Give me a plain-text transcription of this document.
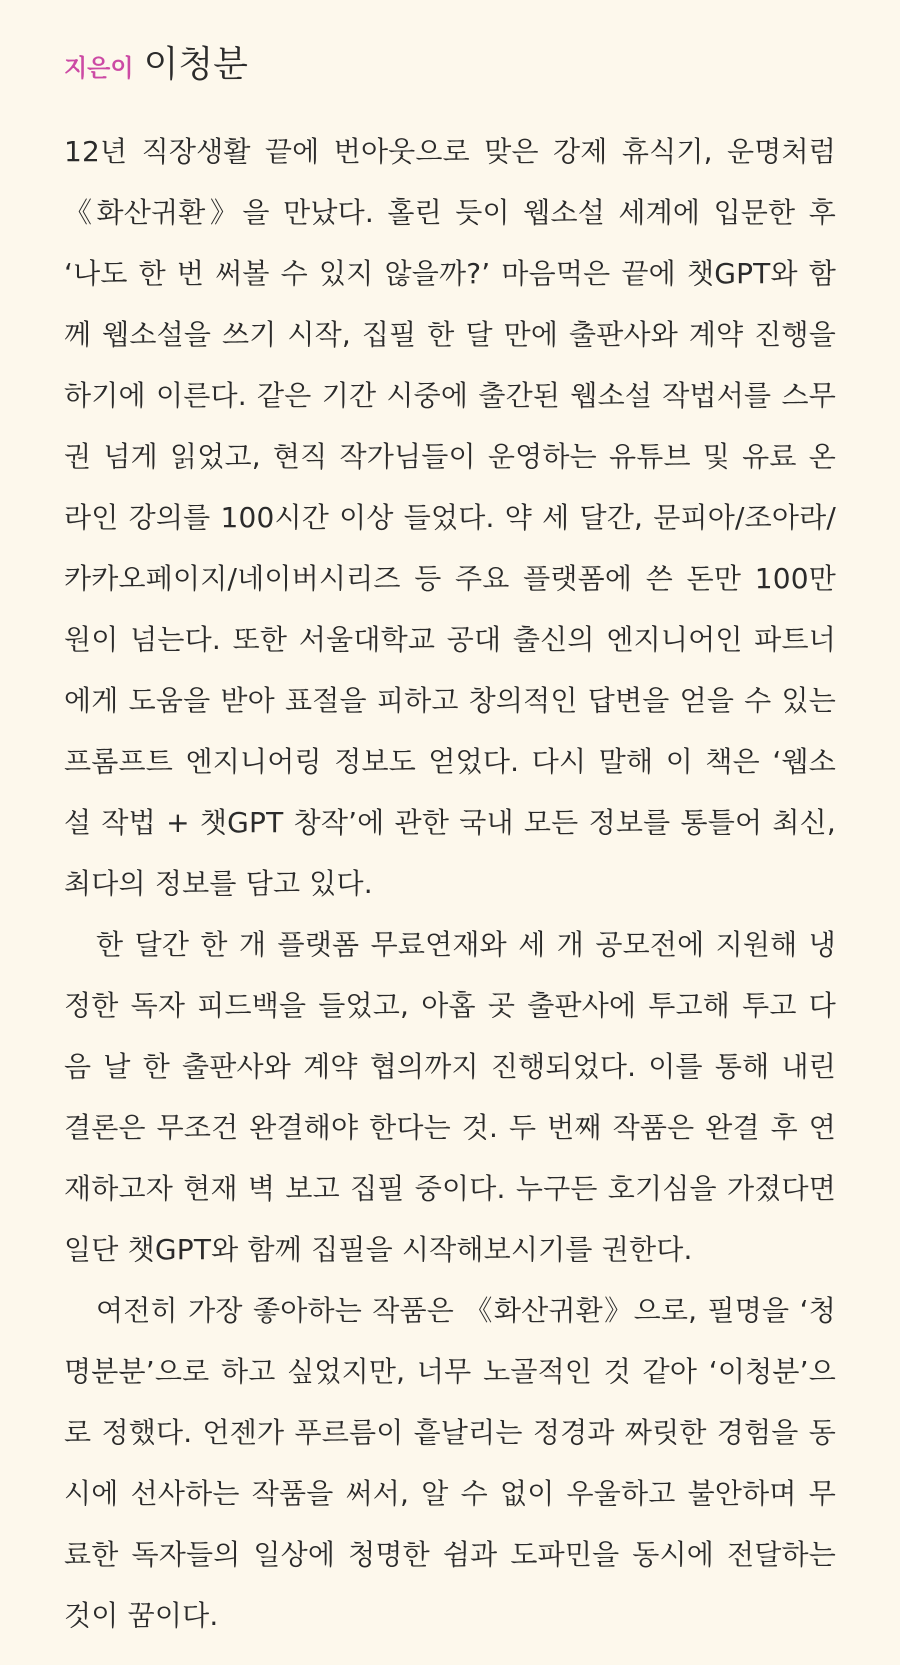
지은이 이청분

12년 직장생활 끝에 번아웃으로 맞은 강제 휴식기, 운명처럼 《화산귀환》을 만났다. 홀린 듯이 웹소설 세계에 입문한 후 ‘나도 한 번 써볼 수 있지 않을까?’ 마음먹은 끝에 챗GPT와 함께 웹소설을 쓰기 시작, 집필 한 달 만에 출판사와 계약 진행을 하기에 이른다. 같은 기간 시중에 출간된 웹소설 작법서를 스무 권 넘게 읽었고, 현직 작가님들이 운영하는 유튜브 및 유료 온라인 강의를 100시간 이상 들었다. 약 세 달간, 문피아/조아라/카카오페이지/네이버시리즈 등 주요 플랫폼에 쓴 돈만 100만 원이 넘는다. 또한 서울대학교 공대 출신의 엔지니어인 파트너에게 도움을 받아 표절을 피하고 창의적인 답변을 얻을 수 있는 프롬프트 엔지니어링 정보도 얻었다. 다시 말해 이 책은 ‘웹소설 작법 + 챗GPT 창작’에 관한 국내 모든 정보를 통틀어 최신, 최다의 정보를 담고 있다.

한 달간 한 개 플랫폼 무료연재와 세 개 공모전에 지원해 냉정한 독자 피드백을 들었고, 아홉 곳 출판사에 투고해 투고 다음 날 한 출판사와 계약 협의까지 진행되었다. 이를 통해 내린 결론은 무조건 완결해야 한다는 것. 두 번째 작품은 완결 후 연재하고자 현재 벽 보고 집필 중이다. 누구든 호기심을 가졌다면 일단 챗GPT와 함께 집필을 시작해보시기를 권한다.

여전히 가장 좋아하는 작품은 《화산귀환》으로, 필명을 ‘청명분분’으로 하고 싶었지만, 너무 노골적인 것 같아 ‘이청분’으로 정했다. 언젠가 푸르름이 흩날리는 정경과 짜릿한 경험을 동시에 선사하는 작품을 써서, 알 수 없이 우울하고 불안하며 무료한 독자들의 일상에 청명한 쉼과 도파민을 동시에 전달하는 것이 꿈이다.
